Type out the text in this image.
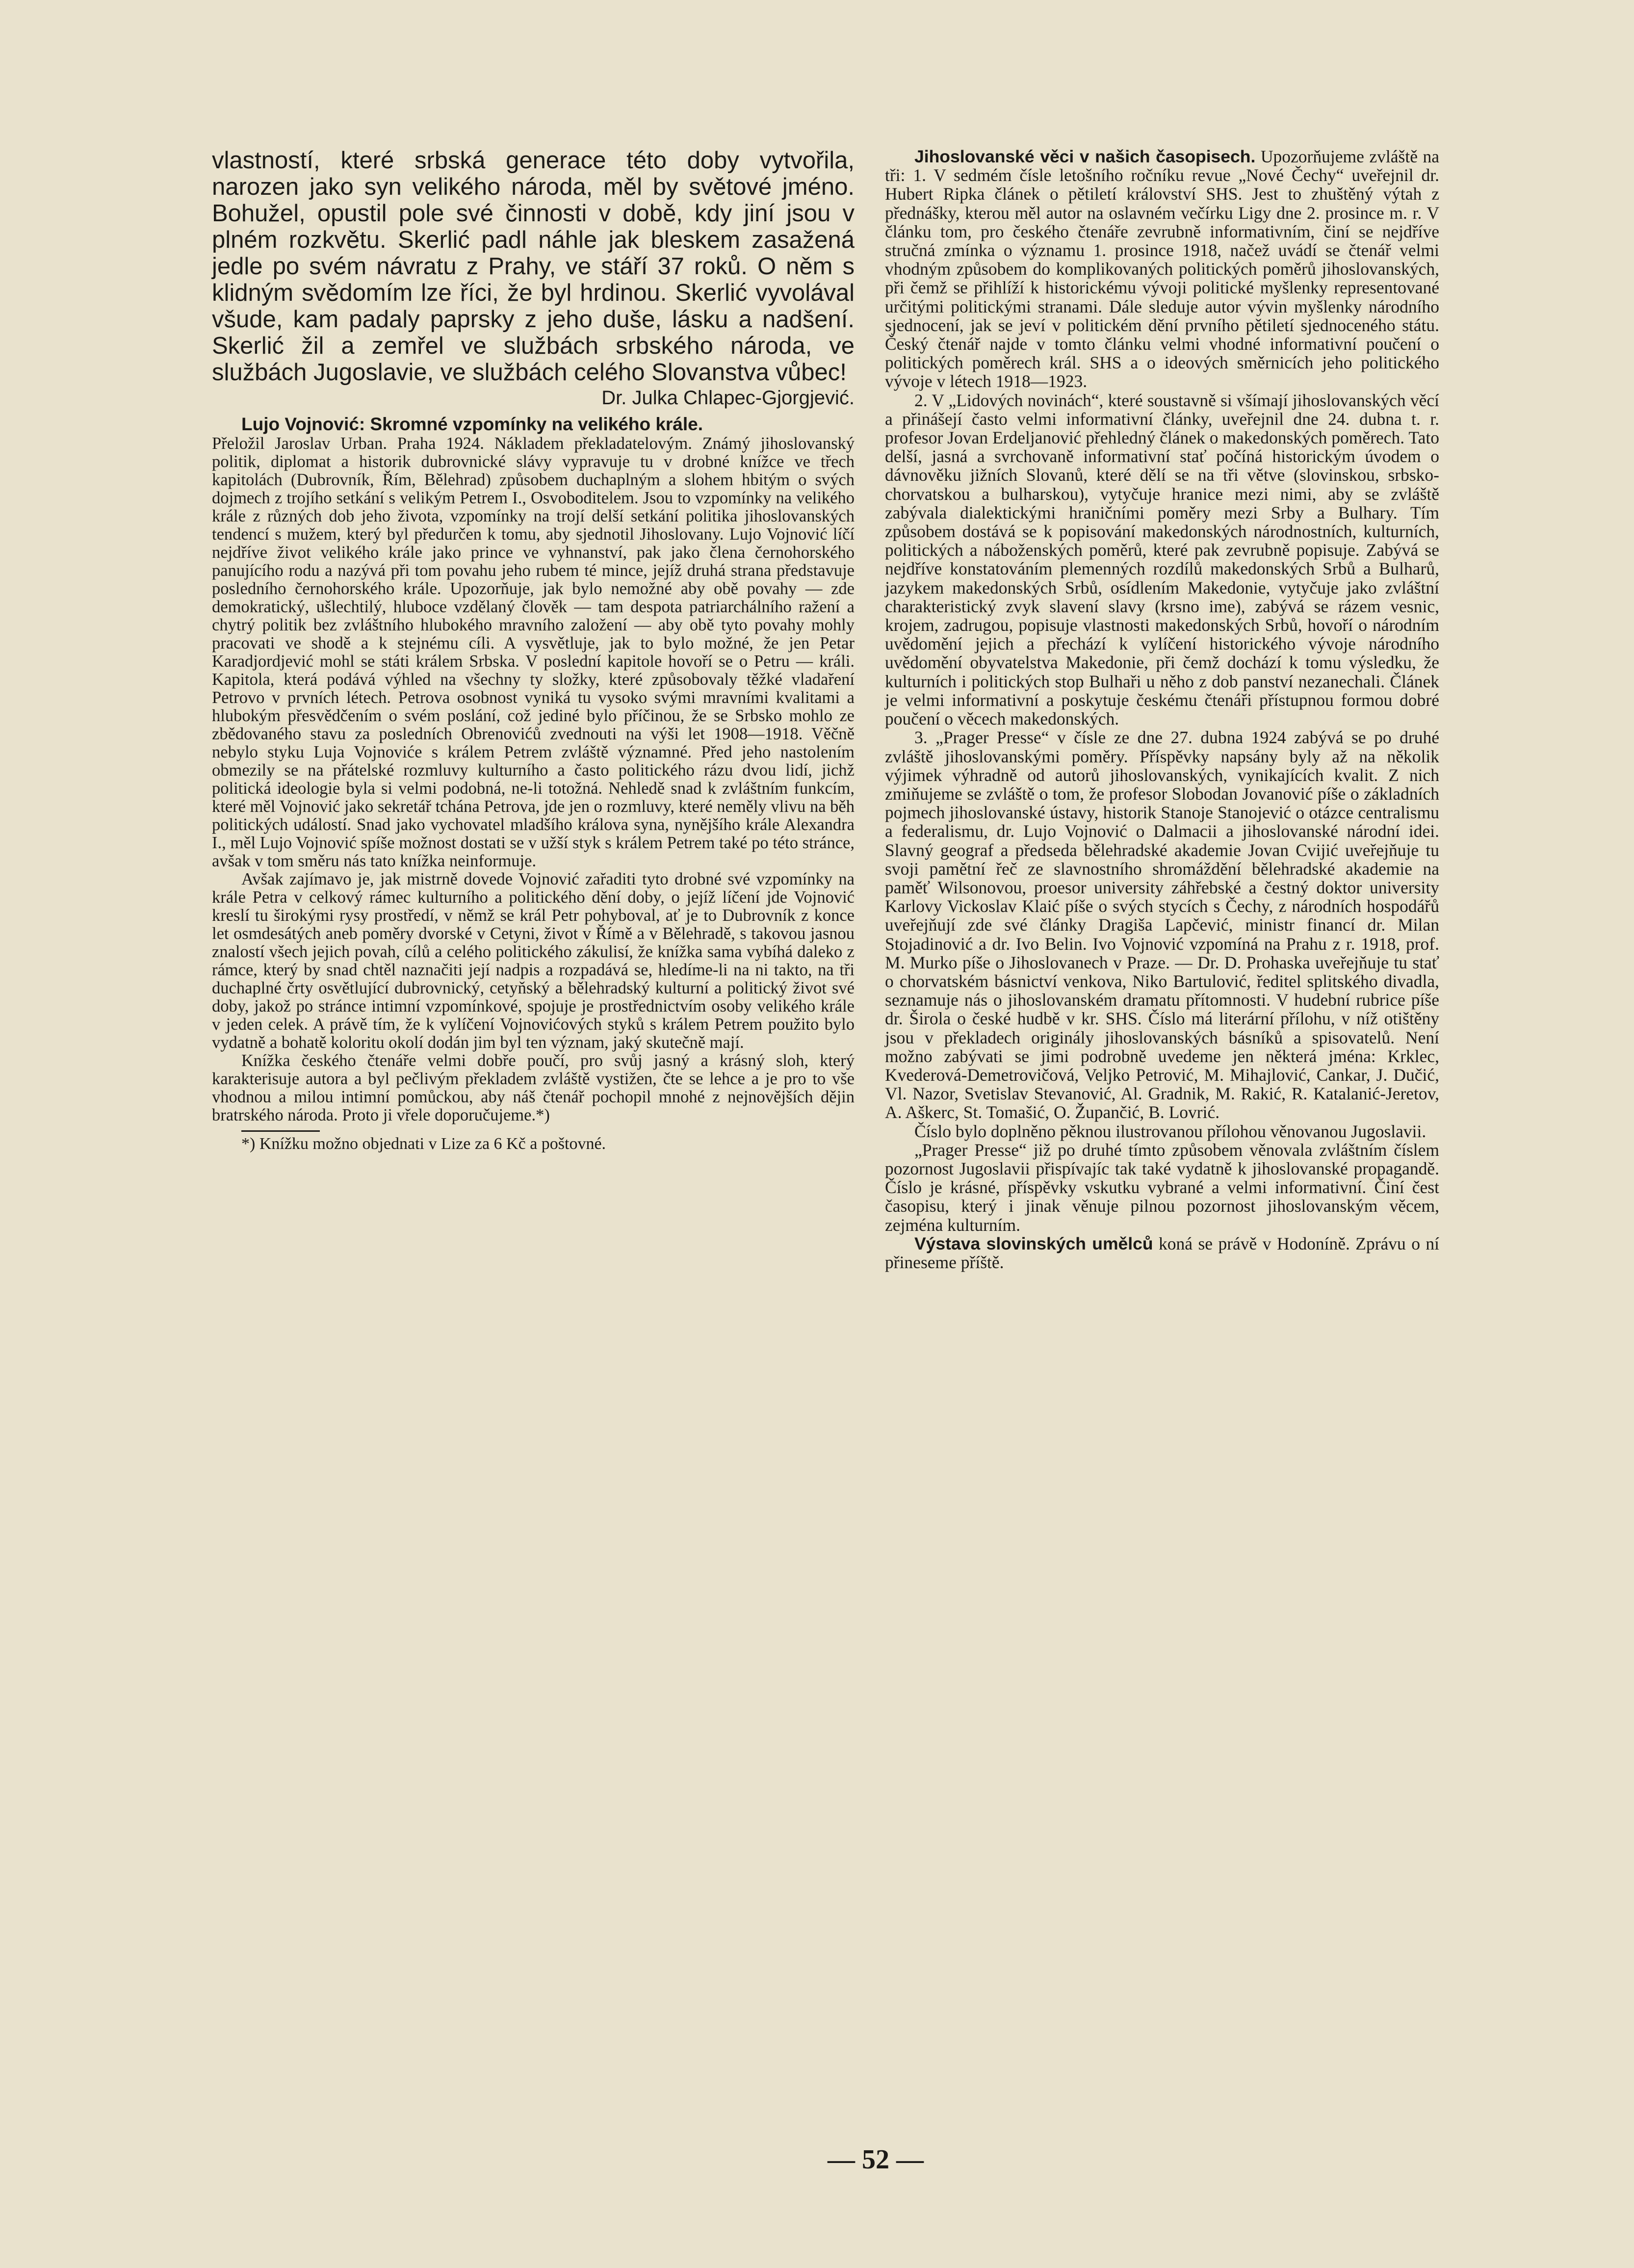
vlastností, které srbská generace této doby vytvořila, narozen jako syn velikého národa, měl by světové jméno. Bohužel, opustil pole své činnosti v době, kdy jiní jsou v plném rozkvětu. Skerlić padl náhle jak bleskem zasažená jedle po svém návratu z Prahy, ve stáří 37 roků. O něm s klidným svědomím lze říci, že byl hrdinou. Skerlić vyvolával všude, kam padaly paprsky z jeho duše, lásku a nadšení. Skerlić žil a zemřel ve službách srbského národa, ve službách Jugoslavie, ve službách celého Slovanstva vůbec!
Dr. Julka Chlapec-Gjorgjević.

Lujo Vojnović: Skromné vzpomínky na velikého krále.

Přeložil Jaroslav Urban. Praha 1924. Nákladem překladatelovým. Známý jihoslovanský politik, diplomat a historik dubrovnické slávy vypravuje tu v drobné knížce ve třech kapitolách (Dubrovník, Řím, Bělehrad) způsobem duchaplným a slohem hbitým o svých dojmech z trojího setkání s velikým Petrem I., Osvoboditelem. Jsou to vzpomínky na velikého krále z různých dob jeho života, vzpomínky na trojí delší setkání politika jihoslovanských tendencí s mužem, který byl předurčen k tomu, aby sjednotil Jihoslovany. Lujo Vojnović líčí nejdříve život velikého krále jako prince ve vyhnanství, pak jako člena černohorského panujícího rodu a nazývá při tom povahu jeho rubem té mince, jejíž druhá strana představuje posledního černohorského krále. Upozorňuje, jak bylo nemožné aby obě povahy — zde demokratický, ušlechtilý, hluboce vzdělaný člověk — tam despota patriarchálního ražení a chytrý politik bez zvláštního hlubokého mravního založení — aby obě tyto povahy mohly pracovati ve shodě a k stejnému cíli. A vysvětluje, jak to bylo možné, že jen Petar Karadjordjević mohl se státi králem Srbska. V poslední kapitole hovoří se o Petru — králi. Kapitola, která podává výhled na všechny ty složky, které způsobovaly těžké vladaření Petrovo v prvních létech. Petrova osobnost vyniká tu vysoko svými mravními kvalitami a hlubokým přesvědčením o svém poslání, což jediné bylo příčinou, že se Srbsko mohlo ze zbědovaného stavu za posledních Obrenovićů zvednouti na výši let 1908—1918. Věčně nebylo styku Luja Vojnoviće s králem Petrem zvláště významné. Před jeho nastolením obmezily se na přátelské rozmluvy kulturního a často politického rázu dvou lidí, jichž politická ideologie byla si velmi podobná, ne-li totožná. Nehledě snad k zvláštním funkcím, které měl Vojnović jako sekretář tchána Petrova, jde jen o rozmluvy, které neměly vlivu na běh politických událostí. Snad jako vychovatel mladšího králova syna, nynějšího krále Alexandra I., měl Lujo Vojnović spíše možnost dostati se v užší styk s králem Petrem také po této stránce, avšak v tom směru nás tato knížka neinformuje.

Avšak zajímavo je, jak mistrně dovede Vojnović zařaditi tyto drobné své vzpomínky na krále Petra v celkový rámec kulturního a politického dění doby, o jejíž líčení jde Vojnović kreslí tu širokými rysy prostředí, v němž se král Petr pohyboval, ať je to Dubrovník z konce let osmdesátých aneb poměry dvorské v Cetyni, život v Římě a v Bělehradě, s takovou jasnou znalostí všech jejich povah, cílů a celého politického zákulisí, že knížka sama vybíhá daleko z rámce, který by snad chtěl naznačiti její nadpis a rozpadává se, hledíme-li na ni takto, na tři duchaplné črty osvětlující dubrovnický, cetyňský a bělehradský kulturní a politický život své doby, jakož po stránce intimní vzpomínkové, spojuje je prostřednictvím osoby velikého krále v jeden celek. A právě tím, že k vylíčení Vojnovićových styků s králem Petrem použito bylo vydatně a bohatě koloritu okolí dodán jim byl ten význam, jaký skutečně mají.

Knížka českého čtenáře velmi dobře poučí, pro svůj jasný a krásný sloh, který karakterisuje autora a byl pečlivým překladem zvláště vystižen, čte se lehce a je pro to vše vhodnou a milou intimní pomůckou, aby náš čtenář pochopil mnohé z nejnovějších dějin bratrského národa. Proto ji vřele doporučujeme.*)

*) Knížku možno objednati v Lize za 6 Kč a poštovné.

Jihoslovanské věci v našich časopisech. Upozorňujeme zvláště na tři: 1. V sedmém čísle letošního ročníku revue „Nové Čechy“ uveřejnil dr. Hubert Ripka článek o pětiletí království SHS. Jest to zhuštěný výtah z přednášky, kterou měl autor na oslavném večírku Ligy dne 2. prosince m. r. V článku tom, pro českého čtenáře zevrubně informativním, činí se nejdříve stručná zmínka o významu 1. prosince 1918, načež uvádí se čtenář velmi vhodným způsobem do komplikovaných politických poměrů jihoslovanských, při čemž se přihlíží k historickému vývoji politické myšlenky representované určitými politickými stranami. Dále sleduje autor vývin myšlenky národního sjednocení, jak se jeví v politickém dění prvního pětiletí sjednoceného státu. Český čtenář najde v tomto článku velmi vhodné informativní poučení o politických poměrech král. SHS a o ideových směrnicích jeho politického vývoje v létech 1918—1923.

2. V „Lidových novinách“, které soustavně si všímají jihoslovanských věcí a přinášejí často velmi informativní články, uveřejnil dne 24. dubna t. r. profesor Jovan Erdeljanović přehledný článek o makedonských poměrech. Tato delší, jasná a svrchovaně informativní stať počíná historickým úvodem o dávnověku jižních Slovanů, které dělí se na tři větve (slovinskou, srbsko-chorvatskou a bulharskou), vytyčuje hranice mezi nimi, aby se zvláště zabývala dialektickými hraničními poměry mezi Srby a Bulhary. Tím způsobem dostává se k popisování makedonských národnostních, kulturních, politických a náboženských poměrů, které pak zevrubně popisuje. Zabývá se nejdříve konstatováním plemenných rozdílů makedonských Srbů a Bulharů, jazykem makedonských Srbů, osídlením Makedonie, vytyčuje jako zvláštní charakteristický zvyk slavení slavy (krsno ime), zabývá se rázem vesnic, krojem, zadrugou, popisuje vlastnosti makedonských Srbů, hovoří o národním uvědomění jejich a přechází k vylíčení historického vývoje národního uvědomění obyvatelstva Makedonie, při čemž dochází k tomu výsledku, že kulturních i politických stop Bulhaři u něho z dob panství nezanechali. Článek je velmi informativní a poskytuje českému čtenáři přístupnou formou dobré poučení o věcech makedonských.

3. „Prager Presse“ v čísle ze dne 27. dubna 1924 zabývá se po druhé zvláště jihoslovanskými poměry. Příspěvky napsány byly až na několik výjimek výhradně od autorů jihoslovanských, vynikajících kvalit. Z nich zmiňujeme se zvláště o tom, že profesor Slobodan Jovanović píše o základních pojmech jihoslovanské ústavy, historik Stanoje Stanojević o otázce centralismu a federalismu, dr. Lujo Vojnović o Dalmacii a jihoslovanské národní idei. Slavný geograf a předseda bělehradské akademie Jovan Cvijić uveřejňuje tu svoji pamětní řeč ze slavnostního shromáždění bělehradské akademie na paměť Wilsonovou, proesor university záhřebské a čestný doktor university Karlovy Vickoslav Klaić píše o svých stycích s Čechy, z národních hospodářů uveřejňují zde své články Dragiša Lapčević, ministr financí dr. Milan Stojadinović a dr. Ivo Belin. Ivo Vojnović vzpomíná na Prahu z r. 1918, prof. M. Murko píše o Jihoslovanech v Praze. — Dr. D. Prohaska uveřejňuje tu stať o chorvatském básnictví venkova, Niko Bartulović, ředitel splitského divadla, seznamuje nás o jihoslovanském dramatu přítomnosti. V hudební rubrice píše dr. Širola o české hudbě v kr. SHS. Číslo má literární přílohu, v níž otištěny jsou v překladech originály jihoslovanských básníků a spisovatelů. Není možno zabývati se jimi podrobně uvedeme jen některá jména: Krklec, Kvederová-Demetrovičová, Veljko Petrović, M. Mihajlović, Cankar, J. Dučić, Vl. Nazor, Svetislav Stevanović, Al. Gradnik, M. Rakić, R. Katalanić-Jeretov, A. Aškerc, St. Tomašić, O. Župančić, B. Lovrić.

Číslo bylo doplněno pěknou ilustrovanou přílohou věnovanou Jugoslavii.

„Prager Presse“ již po druhé tímto způsobem věnovala zvláštním číslem pozornost Jugoslavii přispívajíc tak také vydatně k jihoslovanské propagandě. Číslo je krásné, příspěvky vskutku vybrané a velmi informativní. Činí čest časopisu, který i jinak věnuje pilnou pozornost jihoslovanským věcem, zejména kulturním.

Výstava slovinských umělců koná se právě v Hodoníně. Zprávu o ní přineseme příště.

— 52 —
